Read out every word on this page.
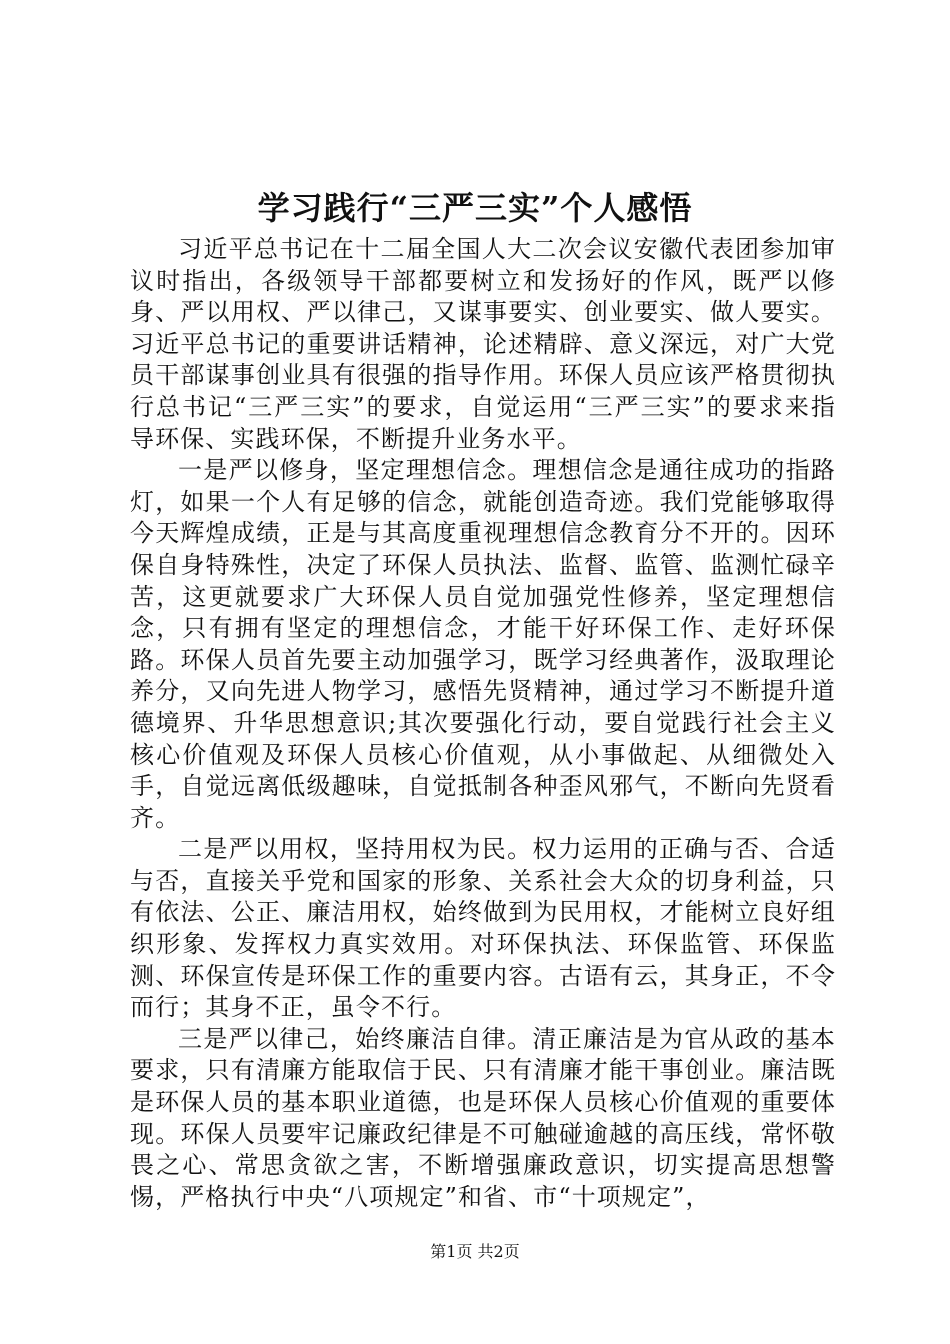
学习践行“三严三实”个人感悟

习近平总书记在十二届全国人大二次会议安徽代表团参加审议时指出，各级领导干部都要树立和发扬好的作风，既严以修身、严以用权、严以律己，又谋事要实、创业要实、做人要实。习近平总书记的重要讲话精神，论述精辟、意义深远，对广大党员干部谋事创业具有很强的指导作用。环保人员应该严格贯彻执行总书记“三严三实”的要求，自觉运用“三严三实”的要求来指导环保、实践环保，不断提升业务水平。

一是严以修身，坚定理想信念。理想信念是通往成功的指路灯，如果一个人有足够的信念，就能创造奇迹。我们党能够取得今天辉煌成绩，正是与其高度重视理想信念教育分不开的。因环保自身特殊性，决定了环保人员执法、监督、监管、监测忙碌辛苦，这更就要求广大环保人员自觉加强党性修养，坚定理想信念，只有拥有坚定的理想信念，才能干好环保工作、走好环保路。环保人员首先要主动加强学习，既学习经典著作，汲取理论养分，又向先进人物学习，感悟先贤精神，通过学习不断提升道德境界、升华思想意识;其次要强化行动，要自觉践行社会主义核心价值观及环保人员核心价值观，从小事做起、从细微处入手，自觉远离低级趣味，自觉抵制各种歪风邪气，不断向先贤看齐。

二是严以用权，坚持用权为民。权力运用的正确与否、合适与否，直接关乎党和国家的形象、关系社会大众的切身利益，只有依法、公正、廉洁用权，始终做到为民用权，才能树立良好组织形象、发挥权力真实效用。对环保执法、环保监管、环保监测、环保宣传是环保工作的重要内容。古语有云，其身正，不令而行；其身不正，虽令不行。

三是严以律己，始终廉洁自律。清正廉洁是为官从政的基本要求，只有清廉方能取信于民、只有清廉才能干事创业。廉洁既是环保人员的基本职业道德，也是环保人员核心价值观的重要体现。环保人员要牢记廉政纪律是不可触碰逾越的高压线，常怀敬畏之心、常思贪欲之害，不断增强廉政意识，切实提高思想警惕，严格执行中央“八项规定”和省、市“十项规定”，

第1页 共2页
